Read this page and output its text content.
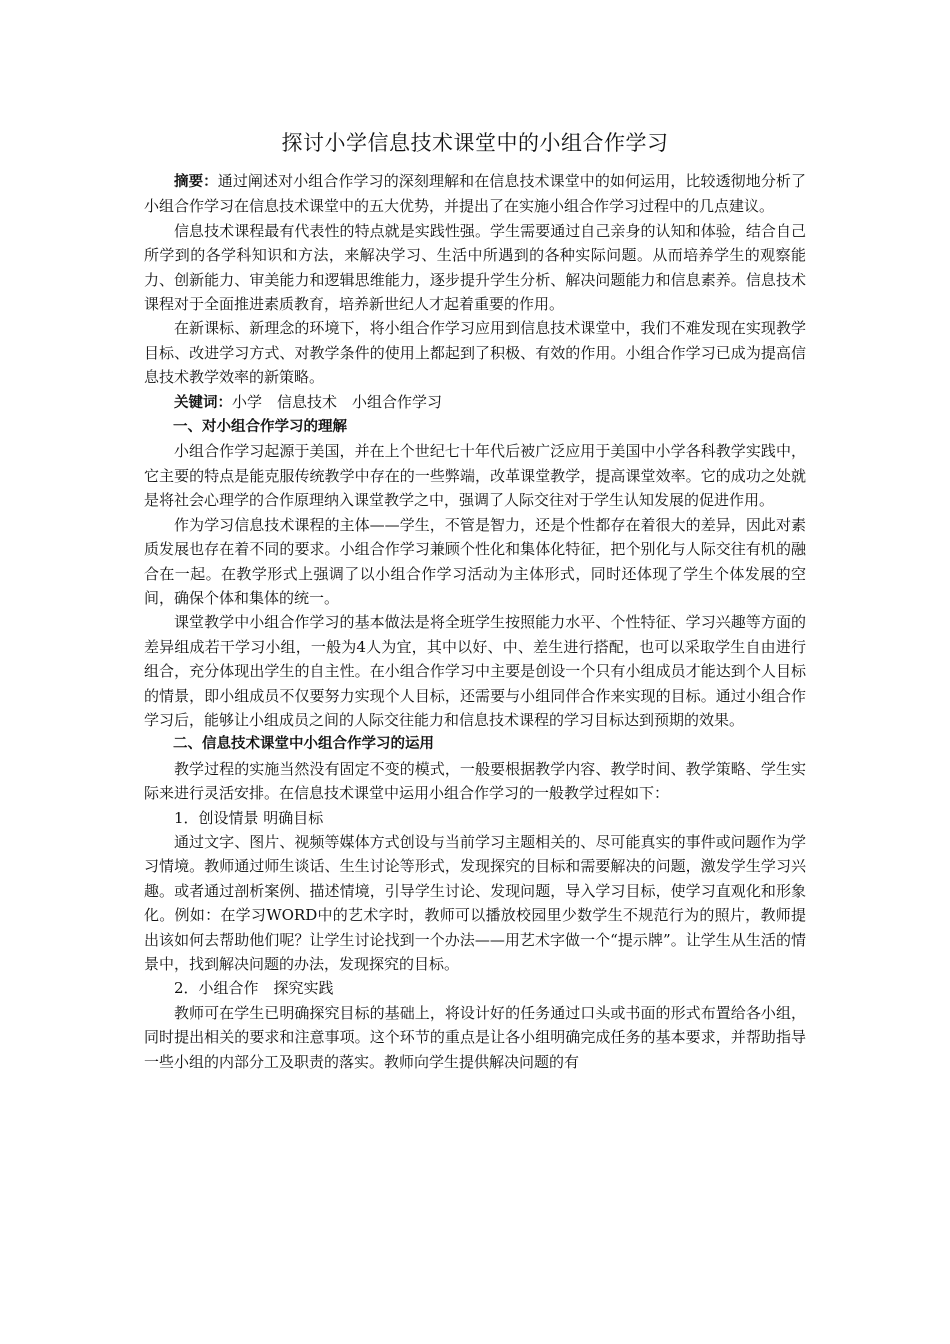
探讨小学信息技术课堂中的小组合作学习

摘要：通过阐述对小组合作学习的深刻理解和在信息技术课堂中的如何运用，比较透彻地分析了小组合作学习在信息技术课堂中的五大优势，并提出了在实施小组合作学习过程中的几点建议。

信息技术课程最有代表性的特点就是实践性强。学生需要通过自己亲身的认知和体验，结合自己所学到的各学科知识和方法，来解决学习、生活中所遇到的各种实际问题。从而培养学生的观察能力、创新能力、审美能力和逻辑思维能力，逐步提升学生分析、解决问题能力和信息素养。信息技术课程对于全面推进素质教育，培养新世纪人才起着重要的作用。

在新课标、新理念的环境下，将小组合作学习应用到信息技术课堂中，我们不难发现在实现教学目标、改进学习方式、对教学条件的使用上都起到了积极、有效的作用。小组合作学习已成为提高信息技术教学效率的新策略。

关键词：小学 信息技术 小组合作学习

一、对小组合作学习的理解

小组合作学习起源于美国，并在上个世纪七十年代后被广泛应用于美国中小学各科教学实践中，它主要的特点是能克服传统教学中存在的一些弊端，改革课堂教学，提高课堂效率。它的成功之处就是将社会心理学的合作原理纳入课堂教学之中，强调了人际交往对于学生认知发展的促进作用。

作为学习信息技术课程的主体——学生，不管是智力，还是个性都存在着很大的差异，因此对素质发展也存在着不同的要求。小组合作学习兼顾个性化和集体化特征，把个别化与人际交往有机的融合在一起。在教学形式上强调了以小组合作学习活动为主体形式，同时还体现了学生个体发展的空间，确保个体和集体的统一。

课堂教学中小组合作学习的基本做法是将全班学生按照能力水平、个性特征、学习兴趣等方面的差异组成若干学习小组，一般为4人为宜，其中以好、中、差生进行搭配，也可以采取学生自由进行组合，充分体现出学生的自主性。在小组合作学习中主要是创设一个只有小组成员才能达到个人目标的情景，即小组成员不仅要努力实现个人目标，还需要与小组同伴合作来实现的目标。通过小组合作学习后，能够让小组成员之间的人际交往能力和信息技术课程的学习目标达到预期的效果。

二、信息技术课堂中小组合作学习的运用

教学过程的实施当然没有固定不变的模式，一般要根据教学内容、教学时间、教学策略、学生实际来进行灵活安排。在信息技术课堂中运用小组合作学习的一般教学过程如下：

1．创设情景 明确目标

通过文字、图片、视频等媒体方式创设与当前学习主题相关的、尽可能真实的事件或问题作为学习情境。教师通过师生谈话、生生讨论等形式，发现探究的目标和需要解决的问题，激发学生学习兴趣。或者通过剖析案例、描述情境，引导学生讨论、发现问题，导入学习目标，使学习直观化和形象化。例如：在学习WORD中的艺术字时，教师可以播放校园里少数学生不规范行为的照片，教师提出该如何去帮助他们呢？让学生讨论找到一个办法——用艺术字做一个“提示牌”。让学生从生活的情景中，找到解决问题的办法，发现探究的目标。

2．小组合作　探究实践

教师可在学生已明确探究目标的基础上，将设计好的任务通过口头或书面的形式布置给各小组，同时提出相关的要求和注意事项。这个环节的重点是让各小组明确完成任务的基本要求，并帮助指导一些小组的内部分工及职责的落实。教师向学生提供解决问题的有
